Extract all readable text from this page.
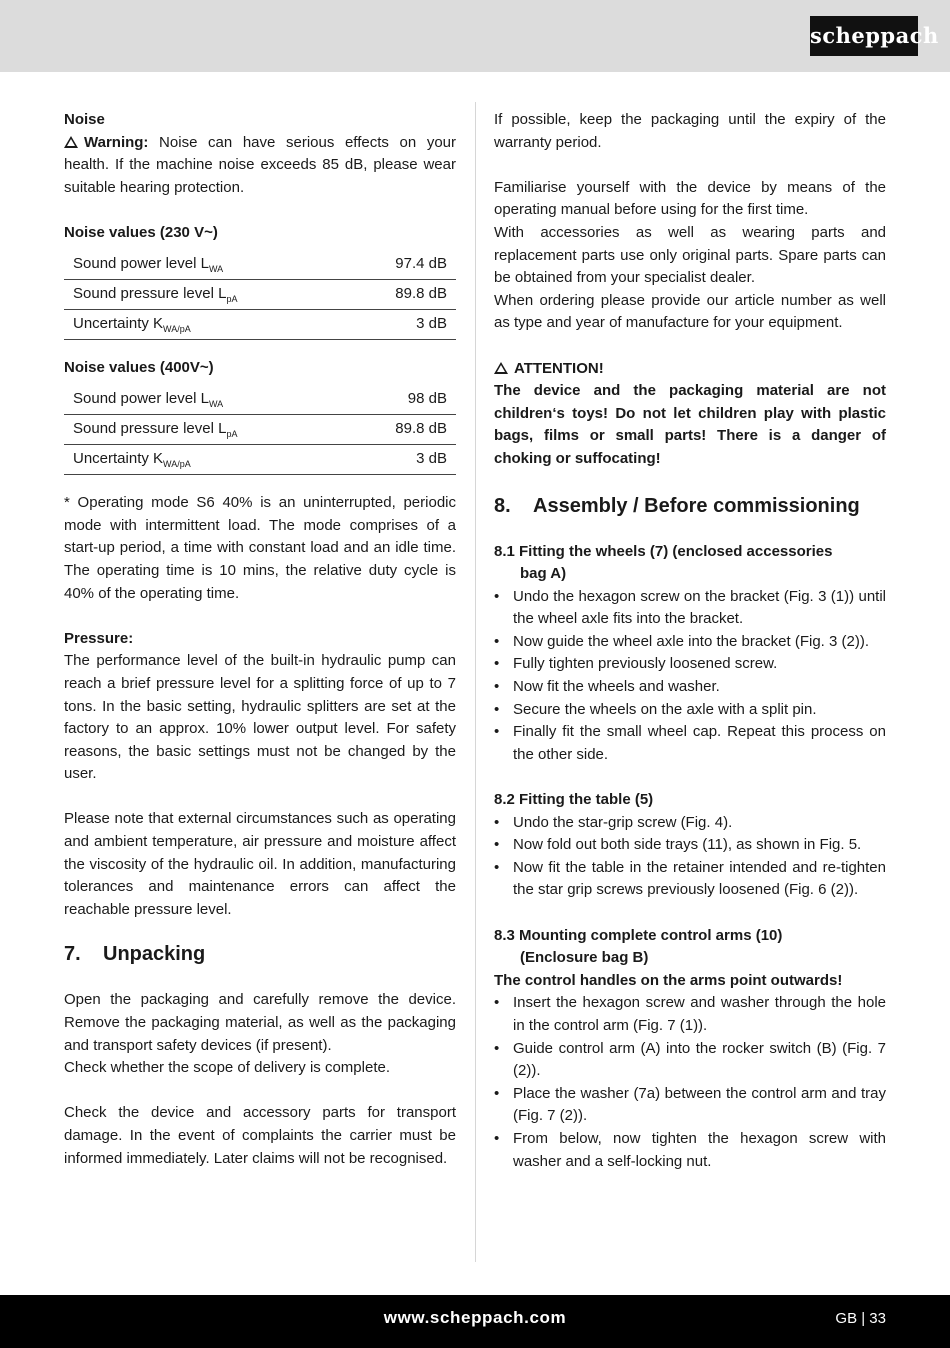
scheppach

Noise

Warning: Noise can have serious effects on your health. If the machine noise exceeds 85 dB, please wear suitable hearing protection.

Noise values (230 V~)

Sound power level $L_{WA}$	97.4 dB
Sound pressure level $L_{pA}$	89.8 dB
Uncertainty $K_{WA/pA}$	3 dB

Noise values (400V~)

Sound power level $L_{WA}$	98 dB
Sound pressure level $L_{pA}$	89.8 dB
Uncertainty $K_{WA/pA}$	3 dB

* Operating mode S6 40% is an uninterrupted, periodic mode with intermittent load. The mode comprises of a start-up period, a time with constant load and an idle time. The operating time is 10 mins, the relative duty cycle is 40% of the operating time.

Pressure:

The performance level of the built-in hydraulic pump can reach a brief pressure level for a splitting force of up to 7 tons. In the basic setting, hydraulic splitters are set at the factory to an approx. 10% lower output level. For safety reasons, the basic settings must not be changed by the user.

Please note that external circumstances such as operating and ambient temperature, air pressure and moisture affect the viscosity of the hydraulic oil. In addition, manufacturing tolerances and maintenance errors can affect the reachable pressure level.

7. Unpacking

Open the packaging and carefully remove the device. Remove the packaging material, as well as the packaging and transport safety devices (if present).

Check whether the scope of delivery is complete.

Check the device and accessory parts for transport damage. In the event of complaints the carrier must be informed immediately. Later claims will not be recognised.

If possible, keep the packaging until the expiry of the warranty period.

Familiarise yourself with the device by means of the operating manual before using for the first time.

With accessories as well as wearing parts and replacement parts use only original parts. Spare parts can be obtained from your specialist dealer.

When ordering please provide our article number as well as type and year of manufacture for your equipment.

ATTENTION!

The device and the packaging material are not children‘s toys! Do not let children play with plastic bags, films or small parts! There is a danger of choking or suffocating!

8. Assembly / Before commissioning

8.1 Fitting the wheels (7) (enclosed accessories

bag A)

• Undo the hexagon screw on the bracket (Fig. 3 (1)) until the wheel axle fits into the bracket.
• Now guide the wheel axle into the bracket (Fig. 3 (2)).
• Fully tighten previously loosened screw.
• Now fit the wheels and washer.
• Secure the wheels on the axle with a split pin.
• Finally fit the small wheel cap. Repeat this process on the other side.

8.2 Fitting the table (5)

• Undo the star-grip screw (Fig. 4).
• Now fold out both side trays (11), as shown in Fig. 5.
• Now fit the table in the retainer intended and re-tighten the star grip screws previously loosened (Fig. 6 (2)).

8.3 Mounting complete control arms (10)

(Enclosure bag B)

The control handles on the arms point outwards!

• Insert the hexagon screw and washer through the hole in the control arm (Fig. 7 (1)).
• Guide control arm (A) into the rocker switch (B) (Fig. 7 (2)).
• Place the washer (7a) between the control arm and tray (Fig. 7 (2)).
• From below, now tighten the hexagon screw with washer and a self-locking nut.
www.scheppach.com	GB | 33
